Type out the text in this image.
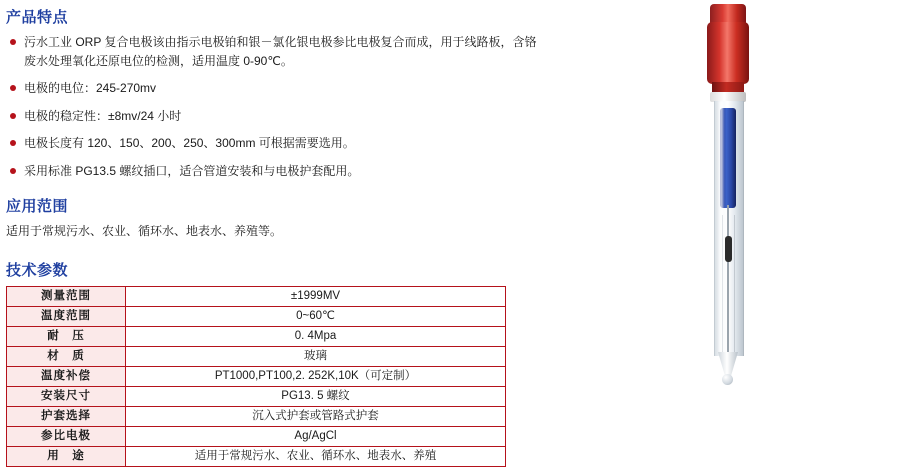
产品特点
污水工业 ORP 复合电极该由指示电极铂和银－氯化银电极参比电极复合而成，用于线路板，含铬废水处理氧化还原电位的检测，适用温度 0-90℃。
电极的电位：245-270mv
电极的稳定性：±8mv/24 小时
电极长度有 120、150、200、250、300mm 可根据需要选用。
采用标准 PG13.5 螺纹插口，适合管道安装和与电极护套配用。
应用范围

适用于常规污水、农业、循环水、地表水、养殖等。

技术参数
测量范围	±1999MV
温度范围	0~60℃
耐　压	0. 4Mpa
材　质	玻璃
温度补偿	PT1000,PT100,2. 252K,10K（可定制）
安装尺寸	PG13. 5 螺纹
护套选择	沉入式护套或管路式护套
参比电极	Ag/AgCl
用　途	适用于常规污水、农业、循环水、地表水、养殖
